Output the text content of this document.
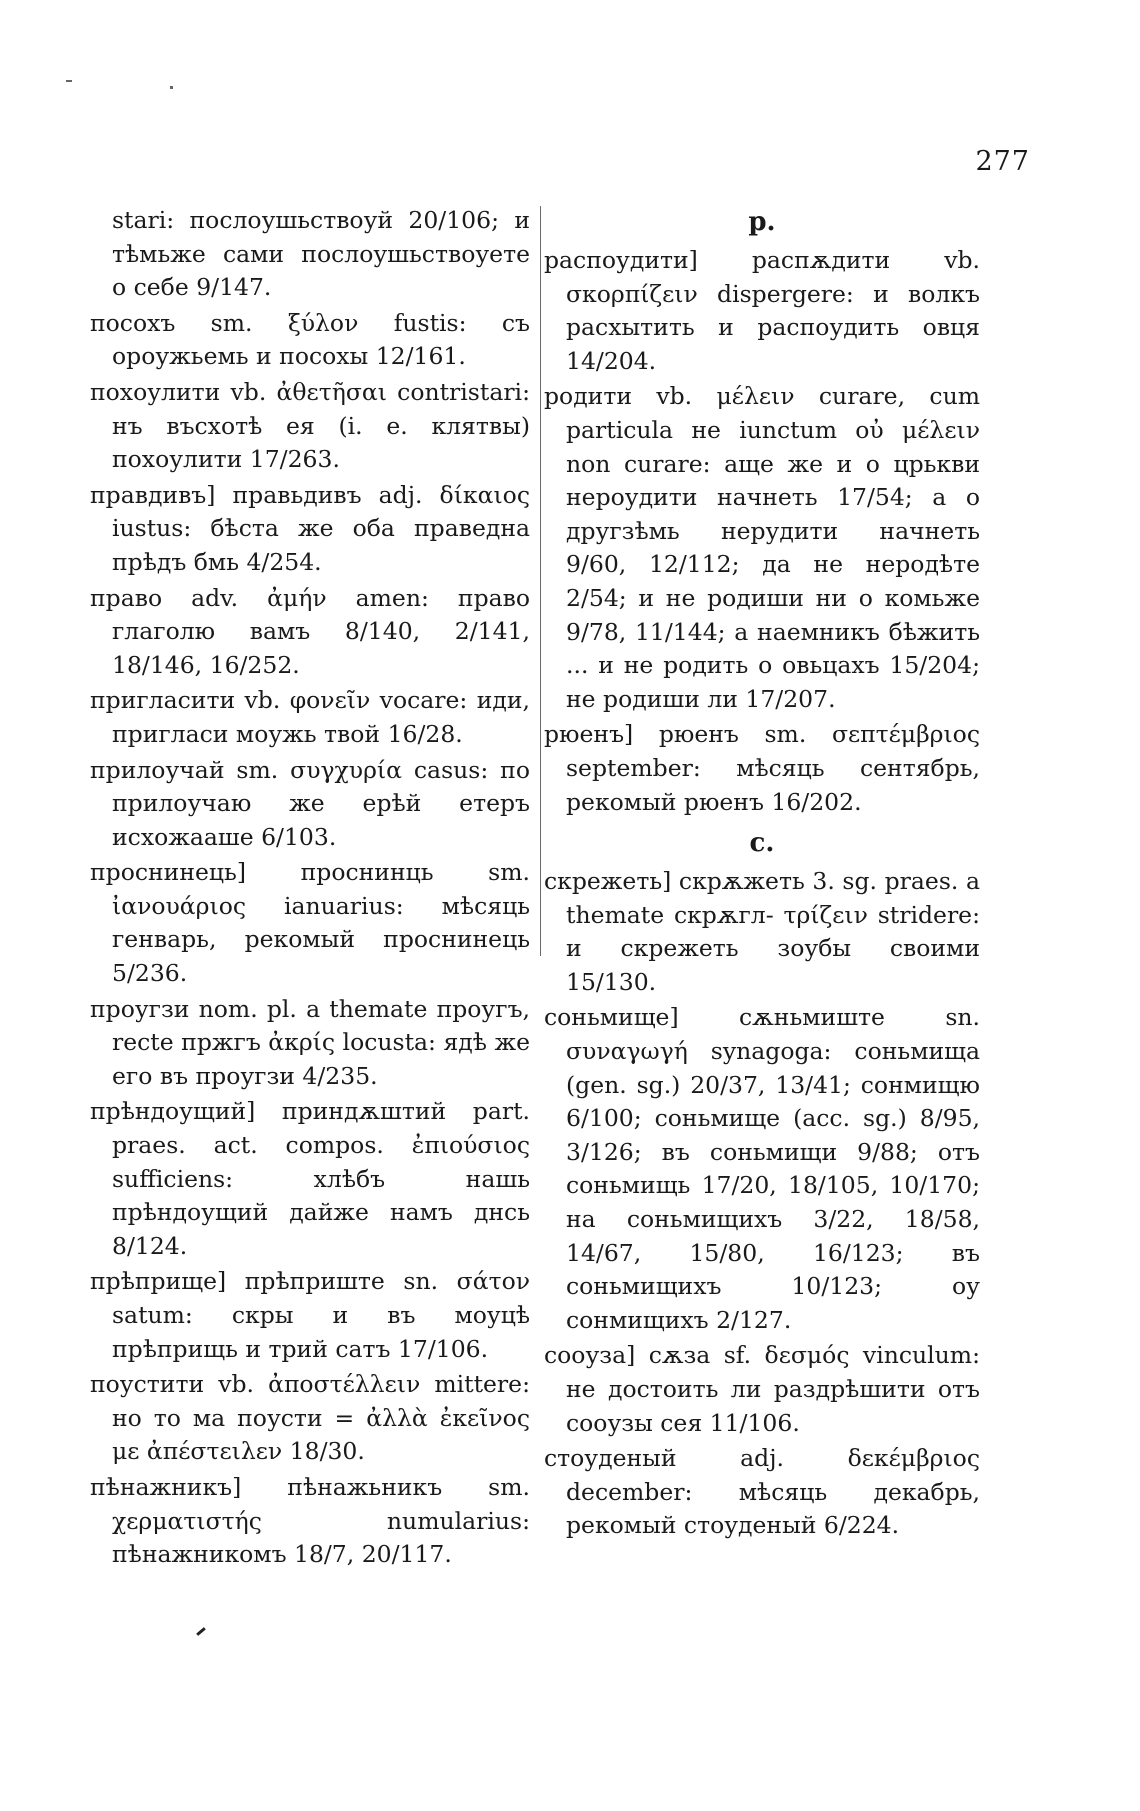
277

stari: послоушьствоуй 20/106; и тѣмьже сами послоушьствоуете о себе 9/147.

посохъ sm. ξύλον fustis: съ ороужьемь и посохы 12/161.

похоулити vb. ἀθετῆσαι contristari: нъ въсхотѣ ея (i. e. клятвы) похоулити 17/263.

правдивъ] правьдивъ adj. δίκαιος iustus: бѣста же оба праведна прѣдъ бмь 4/254.

право adv. ἀμήν amen: право глаголю вамъ 8/140, 2/141, 18/146, 16/252.

пригласити vb. φονεῖν vocare: иди, пригласи моужь твой 16/28.

прилоучай sm. συγχυρία casus: по прилоучаю же ерѣй етеръ исхожааше 6/103.

проснинець] проснинць sm. ἰανουάριος ianuarius: мѣсяць генварь, рекомый проснинець 5/236.

проугзи nom. pl. a themate проугъ, recte пржгъ ἀκρίς locusta: ядѣ же его въ проугзи 4/235.

прѣндоущий] приндѫштий part. praes. act. compos. ἐπιούσιος sufficiens: хлѣбъ нашь прѣндоущий дайже намъ днсь 8/124.

прѣприще] прѣприште sn. σάτον satum: скры и въ моуцѣ прѣприщь и трий сатъ 17/106.

поустити vb. ἀποστέλλειν mittere: но то ма поусти = ἀλλὰ ἐκεῖνος με ἀπέστειλεν 18/30.

пѣнажникъ] пѣнажьникъ sm. χερματιστής numularius: пѣнажникомъ 18/7, 20/117.

р.

распоудити] распѫдити vb. σκορπίζειν dispergere: и волкъ расхытить и распоудить овця 14/204.

родити vb. μέλειν curare, cum particula не iunctum οὐ μέλειν non curare: аще же и о црькви нероудити начнеть 17/54; а о другзѣмь нерудити начнеть 9/60, 12/112; да не неродѣте 2/54; и не родиши ни о комьже 9/78, 11/144; а наемникъ бѣжить ... и не родить о овьцахъ 15/204; не родиши ли 17/207.

рюенъ] рюенъ sm. σεπτέμβριος september: мѣсяць сентябрь, рекомый рюенъ 16/202.

с.

скрежеть] скрѫжеть 3. sg. praes. a themate скрѫгл- τρίζειν stridere: и скрежеть зоубы своими 15/130.

соньмище] сѫньмиште sn. συναγωγή synagoga: соньмища (gen. sg.) 20/37, 13/41; сонмищю 6/100; соньмище (acc. sg.) 8/95, 3/126; въ соньмищи 9/88; отъ соньмищь 17/20, 18/105, 10/170; на соньмищихъ 3/22, 18/58, 14/67, 15/80, 16/123; въ соньмищихъ 10/123; оу сонмищихъ 2/127.

сооуза] сѫза sf. δεσμός vinculum: не достоить ли раздрѣшити отъ сооузы сея 11/106.

стоуденый adj. δεκέμβριος december: мѣсяць декабрь, рекомый стоуденый 6/224.
